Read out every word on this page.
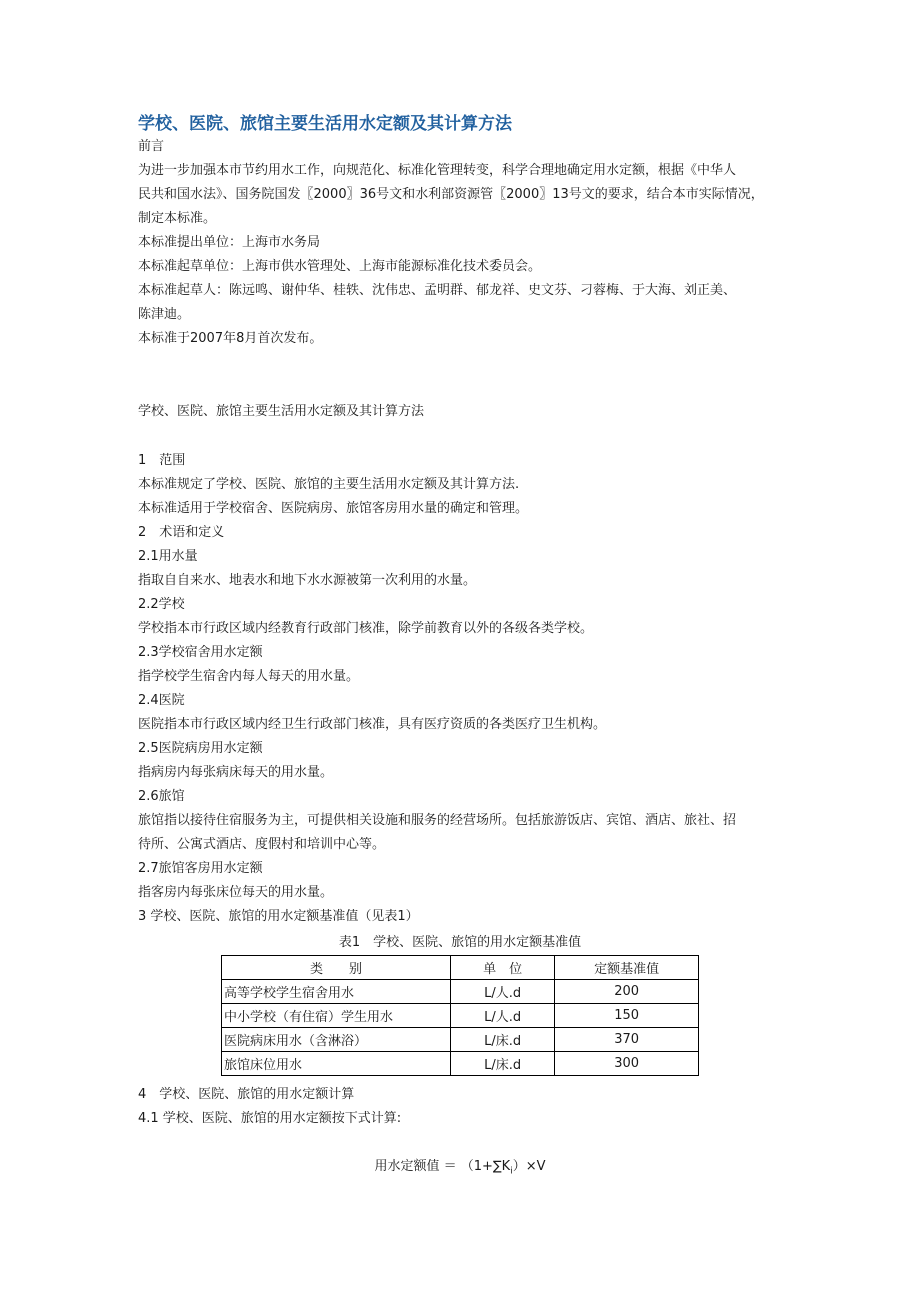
学校、医院、旅馆主要生活用水定额及其计算方法
前言
为进一步加强本市节约用水工作，向规范化、标准化管理转变，科学合理地确定用水定额，根据《中华人
民共和国水法》、国务院国发〖2000〗36号文和水利部资源管〖2000〗13号文的要求，结合本市实际情况，
制定本标准。
本标准提出单位：上海市水务局
本标准起草单位：上海市供水管理处、上海市能源标准化技术委员会。
本标准起草人：陈远鸣、谢仲华、桂轶、沈伟忠、孟明群、郁龙祥、史文芬、刁蓉梅、于大海、刘正美、
陈津迪。
本标准于2007年8月首次发布。
学校、医院、旅馆主要生活用水定额及其计算方法
1　范围
本标准规定了学校、医院、旅馆的主要生活用水定额及其计算方法.
本标准适用于学校宿舍、医院病房、旅馆客房用水量的确定和管理。
2　术语和定义
2.1用水量
指取自自来水、地表水和地下水水源被第一次利用的水量。
2.2学校
学校指本市行政区域内经教育行政部门核准，除学前教育以外的各级各类学校。
2.3学校宿舍用水定额
指学校学生宿舍内每人每天的用水量。
2.4医院
医院指本市行政区域内经卫生行政部门核准，具有医疗资质的各类医疗卫生机构。
2.5医院病房用水定额
指病房内每张病床每天的用水量。
2.6旅馆
旅馆指以接待住宿服务为主，可提供相关设施和服务的经营场所。包括旅游饭店、宾馆、酒店、旅社、招
待所、公寓式酒店、度假村和培训中心等。
2.7旅馆客房用水定额
指客房内每张床位每天的用水量。
3 学校、医院、旅馆的用水定额基准值（见表1）
表1　学校、医院、旅馆的用水定额基准值
类　　别	单　位	定额基准值
高等学校学生宿舍用水	L/人.d	200
中小学校（有住宿）学生用水	L/人.d	150
医院病床用水（含淋浴）	L/床.d	370
旅馆床位用水	L/床.d	300
4　学校、医院、旅馆的用水定额计算
4.1 学校、医院、旅馆的用水定额按下式计算:
用水定额值 ＝ $(1+\sum K_i)\times V$
